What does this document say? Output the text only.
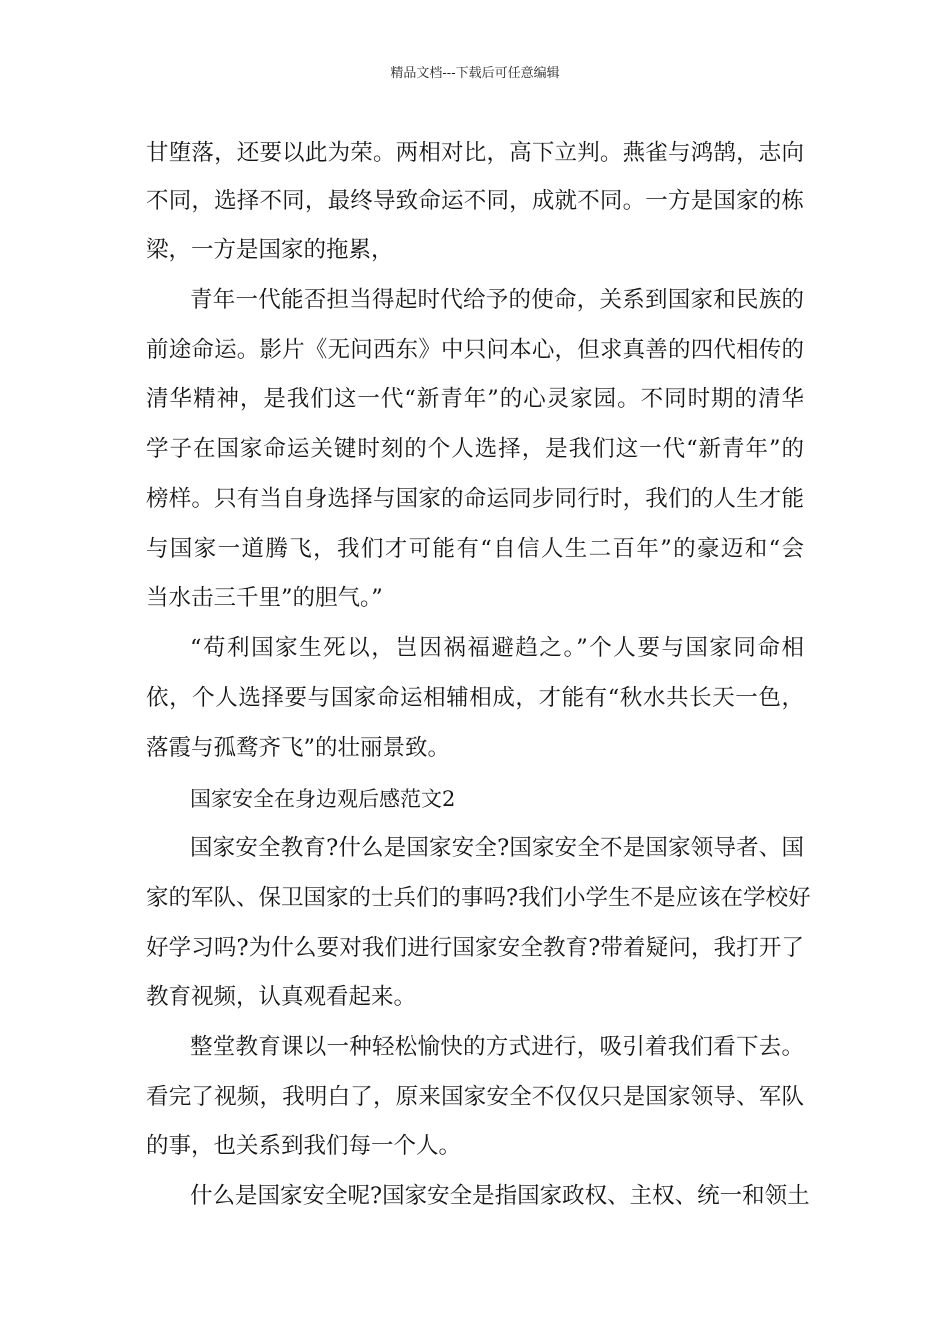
精品文档---下载后可任意编辑
甘堕落，还要以此为荣。两相对比，高下立判。燕雀与鸿鹄，志向
不同，选择不同，最终导致命运不同，成就不同。一方是国家的栋
梁，一方是国家的拖累，
青年一代能否担当得起时代给予的使命，关系到国家和民族的
前途命运。影片《无问西东》中只问本心，但求真善的四代相传的
清华精神，是我们这一代“新青年”的心灵家园。不同时期的清华
学子在国家命运关键时刻的个人选择，是我们这一代“新青年”的
榜样。只有当自身选择与国家的命运同步同行时，我们的人生才能
与国家一道腾飞，我们才可能有“自信人生二百年”的豪迈和“会
当水击三千里”的胆气。”
“苟利国家生死以，岂因祸福避趋之。”个人要与国家同命相
依，个人选择要与国家命运相辅相成，才能有“秋水共长天一色，
落霞与孤鹜齐飞”的壮丽景致。
国家安全在身边观后感范文2
国家安全教育?什么是国家安全?国家安全不是国家领导者、国
家的军队、保卫国家的士兵们的事吗?我们小学生不是应该在学校好
好学习吗?为什么要对我们进行国家安全教育?带着疑问，我打开了
教育视频，认真观看起来。
整堂教育课以一种轻松愉快的方式进行，吸引着我们看下去。
看完了视频，我明白了，原来国家安全不仅仅只是国家领导、军队
的事，也关系到我们每一个人。
什么是国家安全呢?国家安全是指国家政权、主权、统一和领土
